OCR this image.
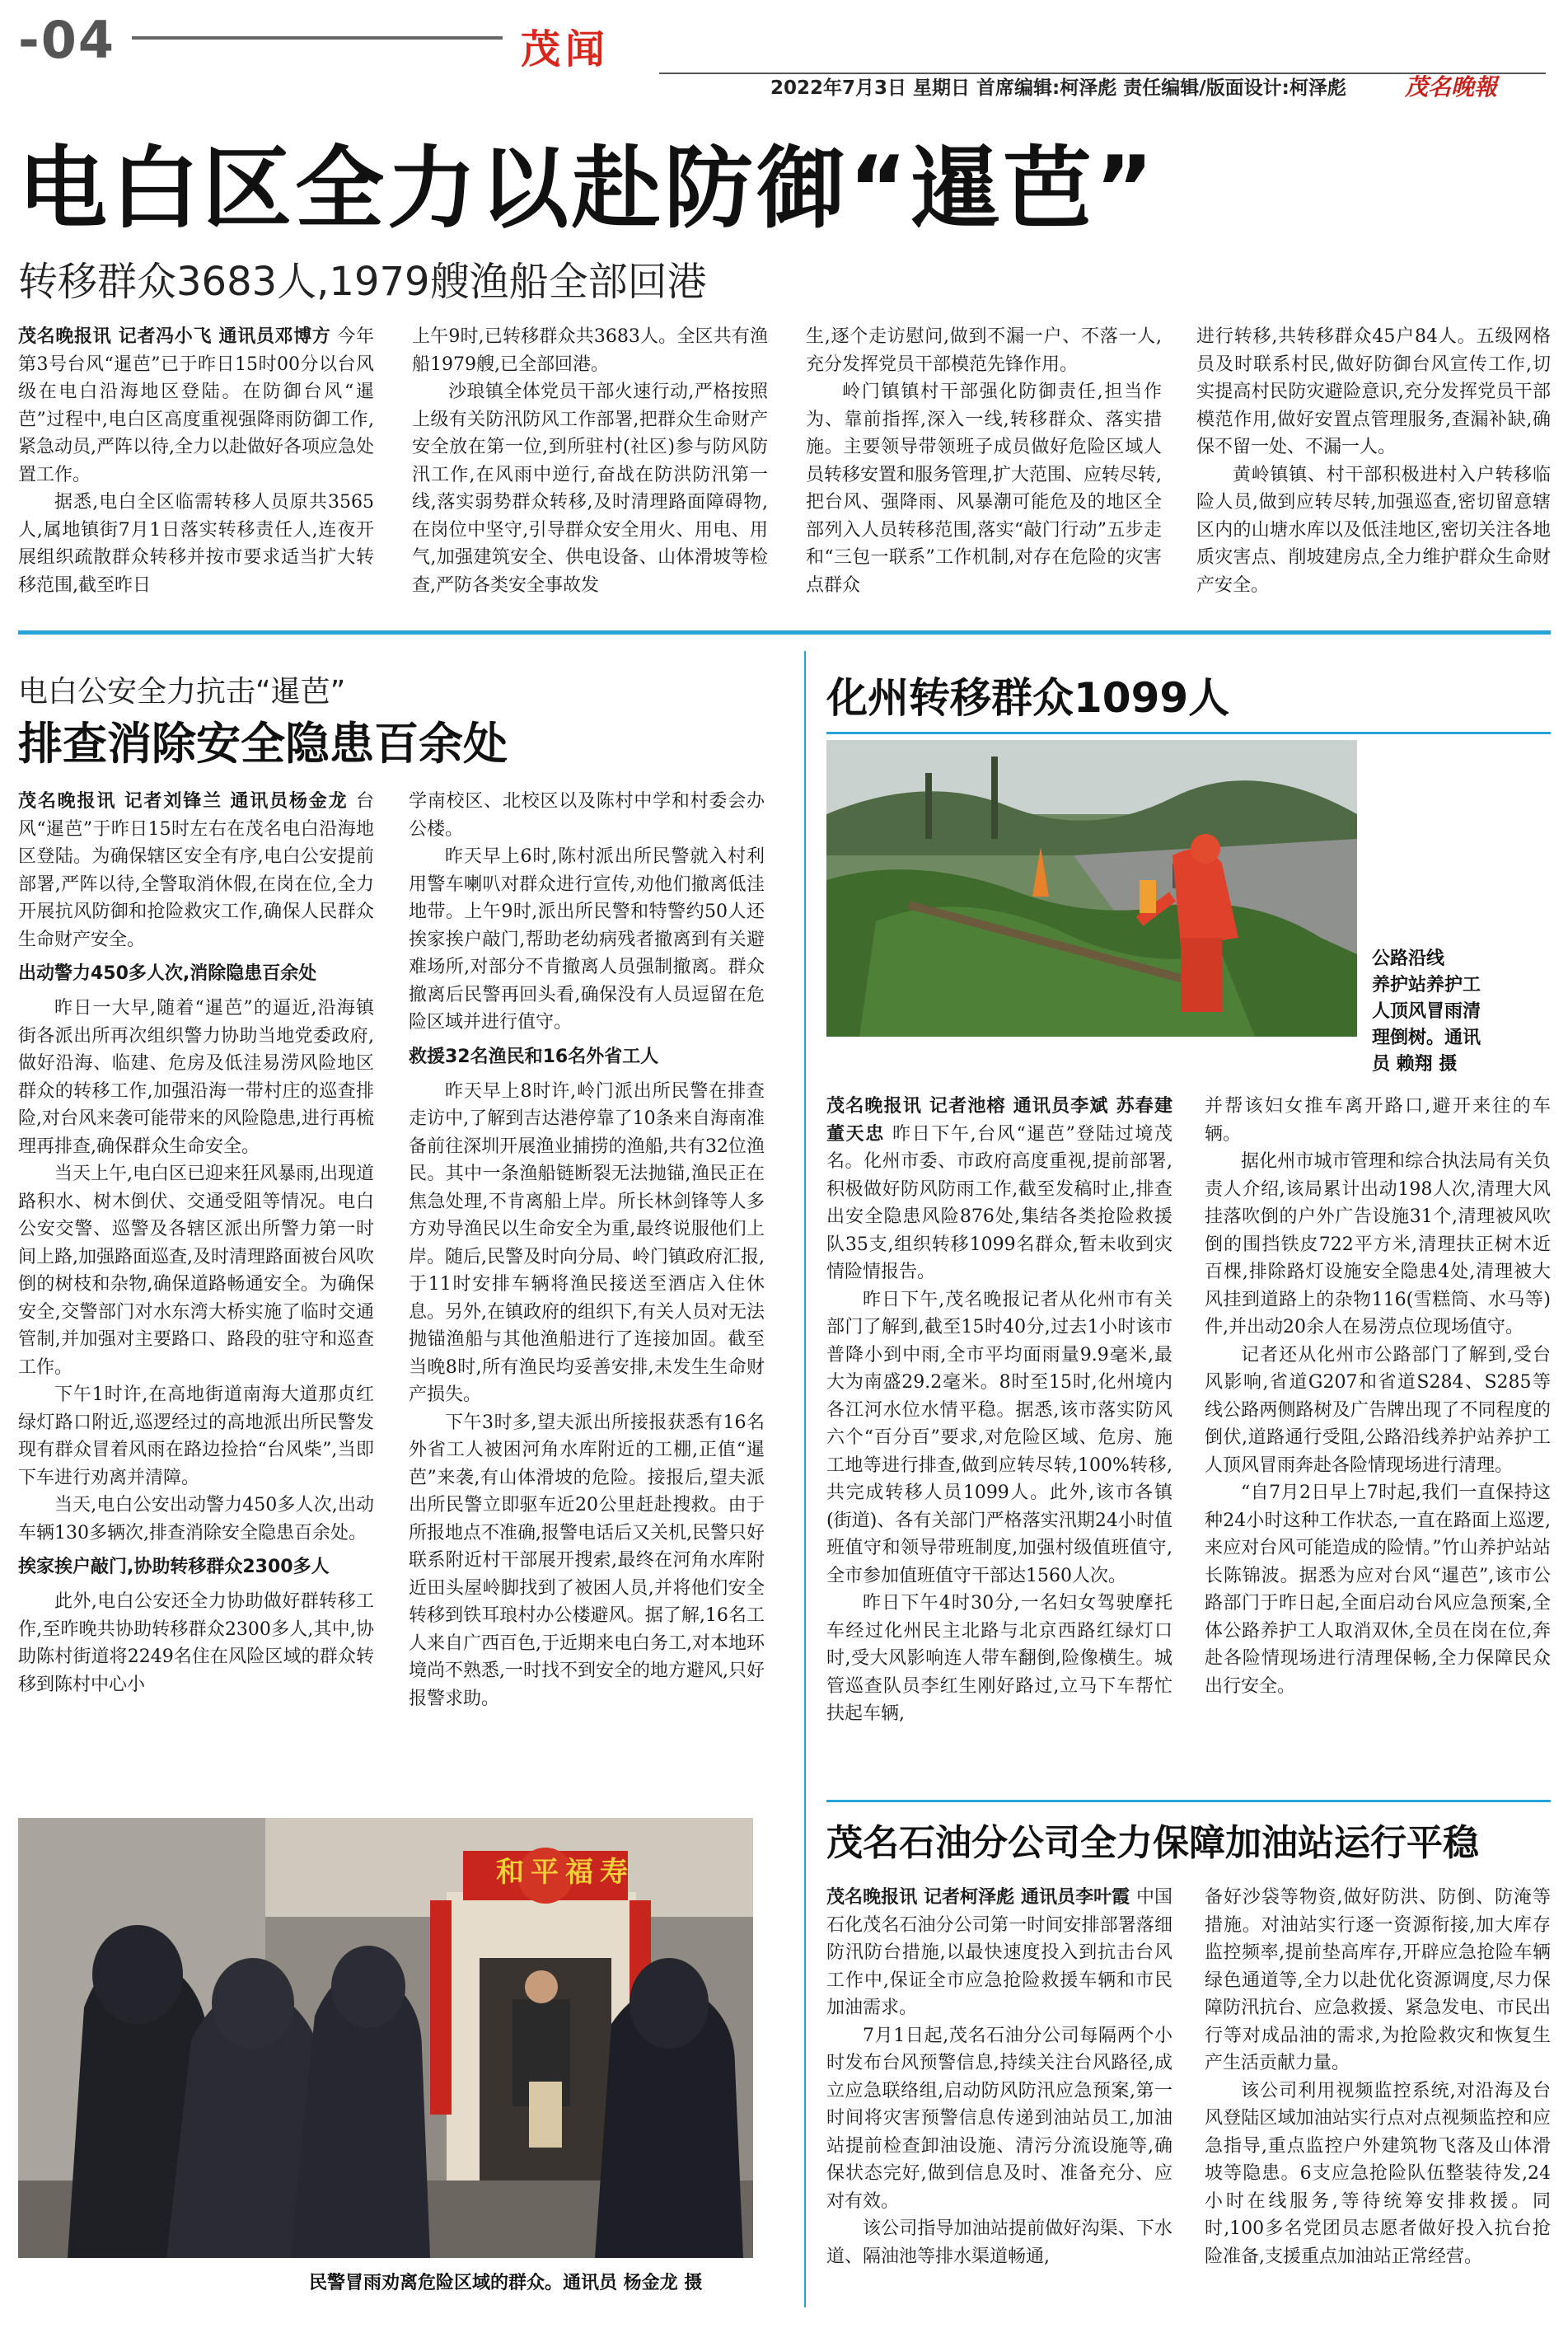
-04	茂闻
2022年7月3日 星期日 首席编辑:柯泽彪 责任编辑/版面设计:柯泽彪	茂名晚報
电白区全力以赴防御“暹芭”
转移群众3683人,1979艘渔船全部回港

茂名晚报讯 记者冯小飞 通讯员邓博方 今年第3号台风“暹芭”已于昨日15时00分以台风级在电白沿海地区登陆。在防御台风“暹芭”过程中,电白区高度重视强降雨防御工作,紧急动员,严阵以待,全力以赴做好各项应急处置工作。

据悉,电白全区临需转移人员原共3565人,属地镇街7月1日落实转移责任人,连夜开展组织疏散群众转移并按市要求适当扩大转移范围,截至昨日

上午9时,已转移群众共3683人。全区共有渔船1979艘,已全部回港。

沙琅镇全体党员干部火速行动,严格按照上级有关防汛防风工作部署,把群众生命财产安全放在第一位,到所驻村(社区)参与防风防汛工作,在风雨中逆行,奋战在防洪防汛第一线,落实弱势群众转移,及时清理路面障碍物,在岗位中坚守,引导群众安全用火、用电、用气,加强建筑安全、供电设备、山体滑坡等检查,严防各类安全事故发

生,逐个走访慰问,做到不漏一户、不落一人,充分发挥党员干部模范先锋作用。

岭门镇镇村干部强化防御责任,担当作为、靠前指挥,深入一线,转移群众、落实措施。主要领导带领班子成员做好危险区域人员转移安置和服务管理,扩大范围、应转尽转,把台风、强降雨、风暴潮可能危及的地区全部列入人员转移范围,落实“敲门行动”五步走和“三包一联系”工作机制,对存在危险的灾害点群众

进行转移,共转移群众45户84人。五级网格员及时联系村民,做好防御台风宣传工作,切实提高村民防灾避险意识,充分发挥党员干部模范作用,做好安置点管理服务,查漏补缺,确保不留一处、不漏一人。

黄岭镇镇、村干部积极进村入户转移临险人员,做到应转尽转,加强巡查,密切留意辖区内的山塘水库以及低洼地区,密切关注各地质灾害点、削坡建房点,全力维护群众生命财产安全。

电白公安全力抗击“暹芭”
排查消除安全隐患百余处

茂名晚报讯 记者刘锋兰 通讯员杨金龙 台风“暹芭”于昨日15时左右在茂名电白沿海地区登陆。为确保辖区安全有序,电白公安提前部署,严阵以待,全警取消休假,在岗在位,全力开展抗风防御和抢险救灾工作,确保人民群众生命财产安全。

出动警力450多人次,消除隐患百余处

昨日一大早,随着“暹芭”的逼近,沿海镇街各派出所再次组织警力协助当地党委政府,做好沿海、临建、危房及低洼易涝风险地区群众的转移工作,加强沿海一带村庄的巡查排险,对台风来袭可能带来的风险隐患,进行再梳理再排查,确保群众生命安全。

当天上午,电白区已迎来狂风暴雨,出现道路积水、树木倒伏、交通受阻等情况。电白公安交警、巡警及各辖区派出所警力第一时间上路,加强路面巡查,及时清理路面被台风吹倒的树枝和杂物,确保道路畅通安全。为确保安全,交警部门对水东湾大桥实施了临时交通管制,并加强对主要路口、路段的驻守和巡查工作。

下午1时许,在高地街道南海大道那贞红绿灯路口附近,巡逻经过的高地派出所民警发现有群众冒着风雨在路边捡拾“台风柴”,当即下车进行劝离并清障。

当天,电白公安出动警力450多人次,出动车辆130多辆次,排查消除安全隐患百余处。

挨家挨户敲门,协助转移群众2300多人

此外,电白公安还全力协助做好群转移工作,至昨晚共协助转移群众2300多人,其中,协助陈村街道将2249名住在风险区域的群众转移到陈村中心小

学南校区、北校区以及陈村中学和村委会办公楼。

昨天早上6时,陈村派出所民警就入村利用警车喇叭对群众进行宣传,劝他们撤离低洼地带。上午9时,派出所民警和特警约50人还挨家挨户敲门,帮助老幼病残者撤离到有关避难场所,对部分不肯撤离人员强制撤离。群众撤离后民警再回头看,确保没有人员逗留在危险区域并进行值守。

救援32名渔民和16名外省工人

昨天早上8时许,岭门派出所民警在排查走访中,了解到吉达港停靠了10条来自海南准备前往深圳开展渔业捕捞的渔船,共有32位渔民。其中一条渔船链断裂无法抛锚,渔民正在焦急处理,不肯离船上岸。所长林剑锋等人多方劝导渔民以生命安全为重,最终说服他们上岸。随后,民警及时向分局、岭门镇政府汇报,于11时安排车辆将渔民接送至酒店入住休息。另外,在镇政府的组织下,有关人员对无法抛锚渔船与其他渔船进行了连接加固。截至当晚8时,所有渔民均妥善安排,未发生生命财产损失。

下午3时多,望夫派出所接报获悉有16名外省工人被困河角水库附近的工棚,正值“暹芭”来袭,有山体滑坡的危险。接报后,望夫派出所民警立即驱车近20公里赶赴搜救。由于所报地点不准确,报警电话后又关机,民警只好联系附近村干部展开搜索,最终在河角水库附近田头屋岭脚找到了被困人员,并将他们安全转移到铁耳琅村办公楼避风。据了解,16名工人来自广西百色,于近期来电白务工,对本地环境尚不熟悉,一时找不到安全的地方避风,只好报警求助。

和 平 福 寿
民警冒雨劝离危险区域的群众。通讯员 杨金龙 摄
化州转移群众1099人
公路沿线
养护站养护工
人顶风冒雨清
理倒树。通讯
员 赖翔 摄

茂名晚报讯 记者池榕 通讯员李斌 苏春建 董天忠 昨日下午,台风“暹芭”登陆过境茂名。化州市委、市政府高度重视,提前部署,积极做好防风防雨工作,截至发稿时止,排查出安全隐患风险876处,集结各类抢险救援队35支,组织转移1099名群众,暂未收到灾情险情报告。

昨日下午,茂名晚报记者从化州市有关部门了解到,截至15时40分,过去1小时该市普降小到中雨,全市平均面雨量9.9毫米,最大为南盛29.2毫米。8时至15时,化州境内各江河水位水情平稳。据悉,该市落实防风六个“百分百”要求,对危险区域、危房、施工地等进行排查,做到应转尽转,100%转移,共完成转移人员1099人。此外,该市各镇(街道)、各有关部门严格落实汛期24小时值班值守和领导带班制度,加强村级值班值守,全市参加值班值守干部达1560人次。

昨日下午4时30分,一名妇女驾驶摩托车经过化州民主北路与北京西路红绿灯口时,受大风影响连人带车翻倒,险像横生。城管巡查队员李红生刚好路过,立马下车帮忙扶起车辆,

并帮该妇女推车离开路口,避开来往的车辆。

据化州市城市管理和综合执法局有关负责人介绍,该局累计出动198人次,清理大风挂落吹倒的户外广告设施31个,清理被风吹倒的围挡铁皮722平方米,清理扶正树木近百棵,排除路灯设施安全隐患4处,清理被大风挂到道路上的杂物116(雪糕筒、水马等)件,并出动20余人在易涝点位现场值守。

记者还从化州市公路部门了解到,受台风影响,省道G207和省道S284、S285等线公路两侧路树及广告牌出现了不同程度的倒伏,道路通行受阻,公路沿线养护站养护工人顶风冒雨奔赴各险情现场进行清理。

“自7月2日早上7时起,我们一直保持这种24小时这种工作状态,一直在路面上巡逻,来应对台风可能造成的险情。”竹山养护站站长陈锦波。据悉为应对台风“暹芭”,该市公路部门于昨日起,全面启动台风应急预案,全体公路养护工人取消双休,全员在岗在位,奔赴各险情现场进行清理保畅,全力保障民众出行安全。

茂名石油分公司全力保障加油站运行平稳

茂名晚报讯 记者柯泽彪 通讯员李叶霞 中国石化茂名石油分公司第一时间安排部署落细防汛防台措施,以最快速度投入到抗击台风工作中,保证全市应急抢险救援车辆和市民加油需求。

7月1日起,茂名石油分公司每隔两个小时发布台风预警信息,持续关注台风路径,成立应急联络组,启动防风防汛应急预案,第一时间将灾害预警信息传递到油站员工,加油站提前检查卸油设施、清污分流设施等,确保状态完好,做到信息及时、准备充分、应对有效。

该公司指导加油站提前做好沟渠、下水道、隔油池等排水渠道畅通,

备好沙袋等物资,做好防洪、防倒、防淹等措施。对油站实行逐一资源衔接,加大库存监控频率,提前垫高库存,开辟应急抢险车辆绿色通道等,全力以赴优化资源调度,尽力保障防汛抗台、应急救援、紧急发电、市民出行等对成品油的需求,为抢险救灾和恢复生产生活贡献力量。

该公司利用视频监控系统,对沿海及台风登陆区域加油站实行点对点视频监控和应急指导,重点监控户外建筑物飞落及山体滑坡等隐患。6支应急抢险队伍整装待发,24小时在线服务,等待统筹安排救援。同时,100多名党团员志愿者做好投入抗台抢险准备,支援重点加油站正常经营。
